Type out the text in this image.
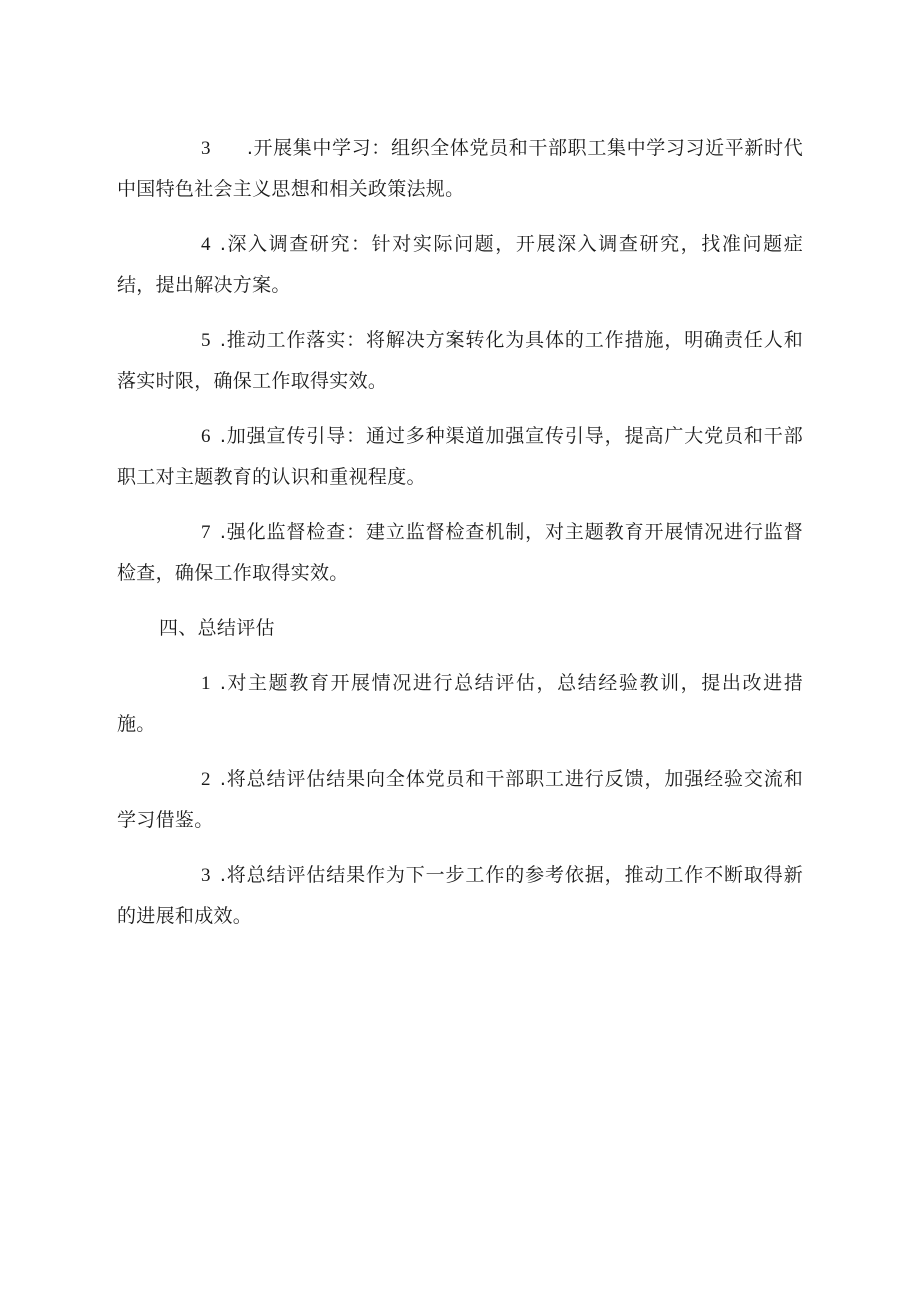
3 .开展集中学习：组织全体党员和干部职工集中学习习近平新时代中国特色社会主义思想和相关政策法规。

4 .深入调查研究：针对实际问题，开展深入调查研究，找准问题症结，提出解决方案。

5 .推动工作落实：将解决方案转化为具体的工作措施，明确责任人和落实时限，确保工作取得实效。

6 .加强宣传引导：通过多种渠道加强宣传引导，提高广大党员和干部职工对主题教育的认识和重视程度。

7 .强化监督检查：建立监督检查机制，对主题教育开展情况进行监督检查，确保工作取得实效。

四、总结评估

1 .对主题教育开展情况进行总结评估，总结经验教训，提出改进措施。

2 .将总结评估结果向全体党员和干部职工进行反馈，加强经验交流和学习借鉴。

3 .将总结评估结果作为下一步工作的参考依据，推动工作不断取得新的进展和成效。
